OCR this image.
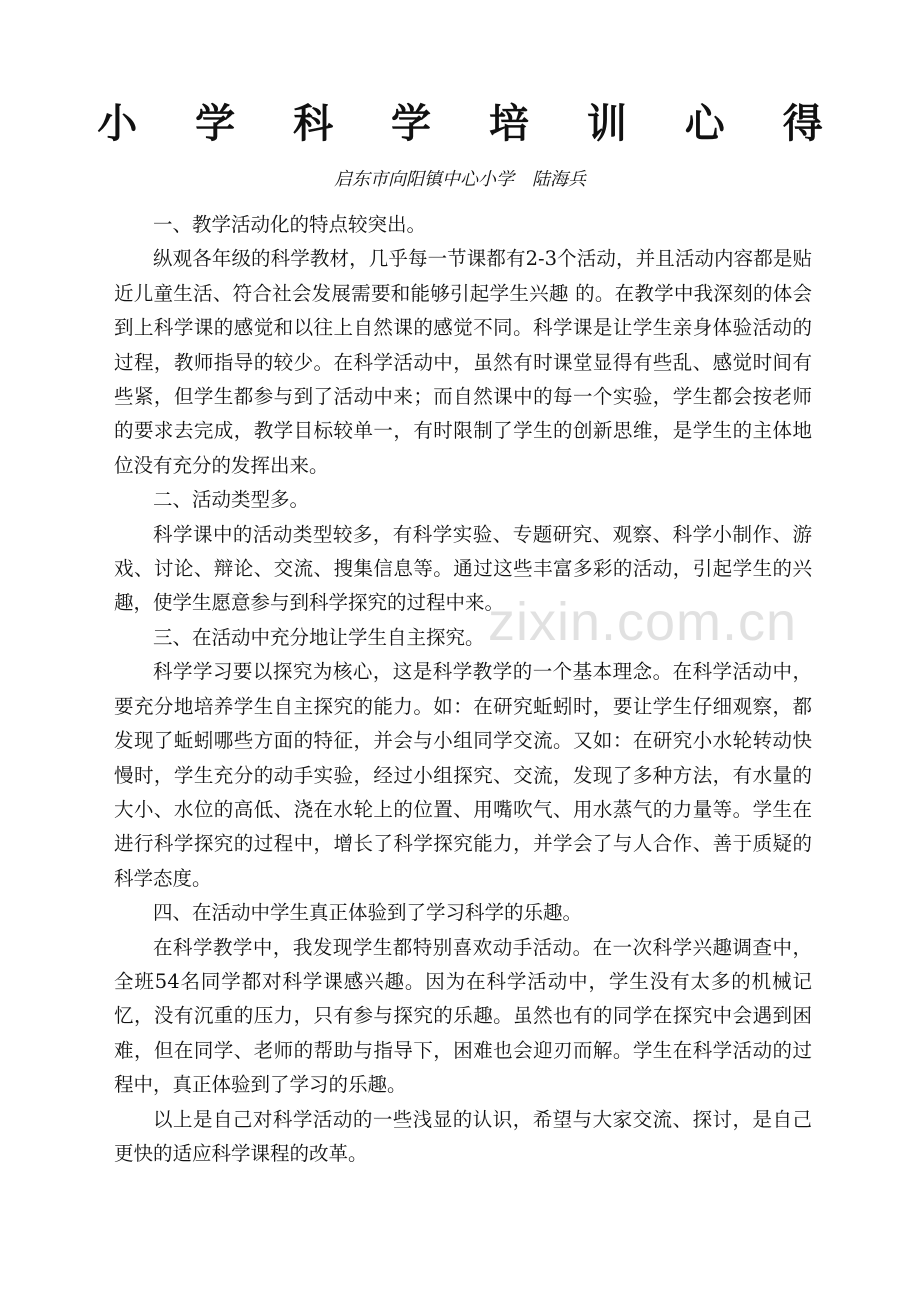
小 学 科 学 培 训 心 得
启东市向阳镇中心小学　陆海兵

一、教学活动化的特点较突出。

纵观各年级的科学教材，几乎每一节课都有2-3个活动，并且活动内容都是贴近儿童生活、符合社会发展需要和能够引起学生兴趣 的。在教学中我深刻的体会到上科学课的感觉和以往上自然课的感觉不同。科学课是让学生亲身体验活动的过程，教师指导的较少。在科学活动中，虽然有时课堂显得有些乱、感觉时间有些紧，但学生都参与到了活动中来；而自然课中的每一个实验，学生都会按老师的要求去完成，教学目标较单一，有时限制了学生的创新思维，是学生的主体地位没有充分的发挥出来。

二、活动类型多。

科学课中的活动类型较多，有科学实验、专题研究、观察、科学小制作、游戏、讨论、辩论、交流、搜集信息等。通过这些丰富多彩的活动，引起学生的兴趣，使学生愿意参与到科学探究的过程中来。

三、在活动中充分地让学生自主探究。

科学学习要以探究为核心，这是科学教学的一个基本理念。在科学活动中，要充分地培养学生自主探究的能力。如：在研究蚯蚓时，要让学生仔细观察，都发现了蚯蚓哪些方面的特征，并会与小组同学交流。又如：在研究小水轮转动快慢时，学生充分的动手实验，经过小组探究、交流，发现了多种方法，有水量的大小、水位的高低、浇在水轮上的位置、用嘴吹气、用水蒸气的力量等。学生在进行科学探究的过程中，增长了科学探究能力，并学会了与人合作、善于质疑的科学态度。

四、在活动中学生真正体验到了学习科学的乐趣。

在科学教学中，我发现学生都特别喜欢动手活动。在一次科学兴趣调查中，全班54名同学都对科学课感兴趣。因为在科学活动中，学生没有太多的机械记忆，没有沉重的压力，只有参与探究的乐趣。虽然也有的同学在探究中会遇到困难，但在同学、老师的帮助与指导下，困难也会迎刃而解。学生在科学活动的过程中，真正体验到了学习的乐趣。

以上是自己对科学活动的一些浅显的认识，希望与大家交流、探讨，是自己更快的适应科学课程的改革。

zixin.com.cn
